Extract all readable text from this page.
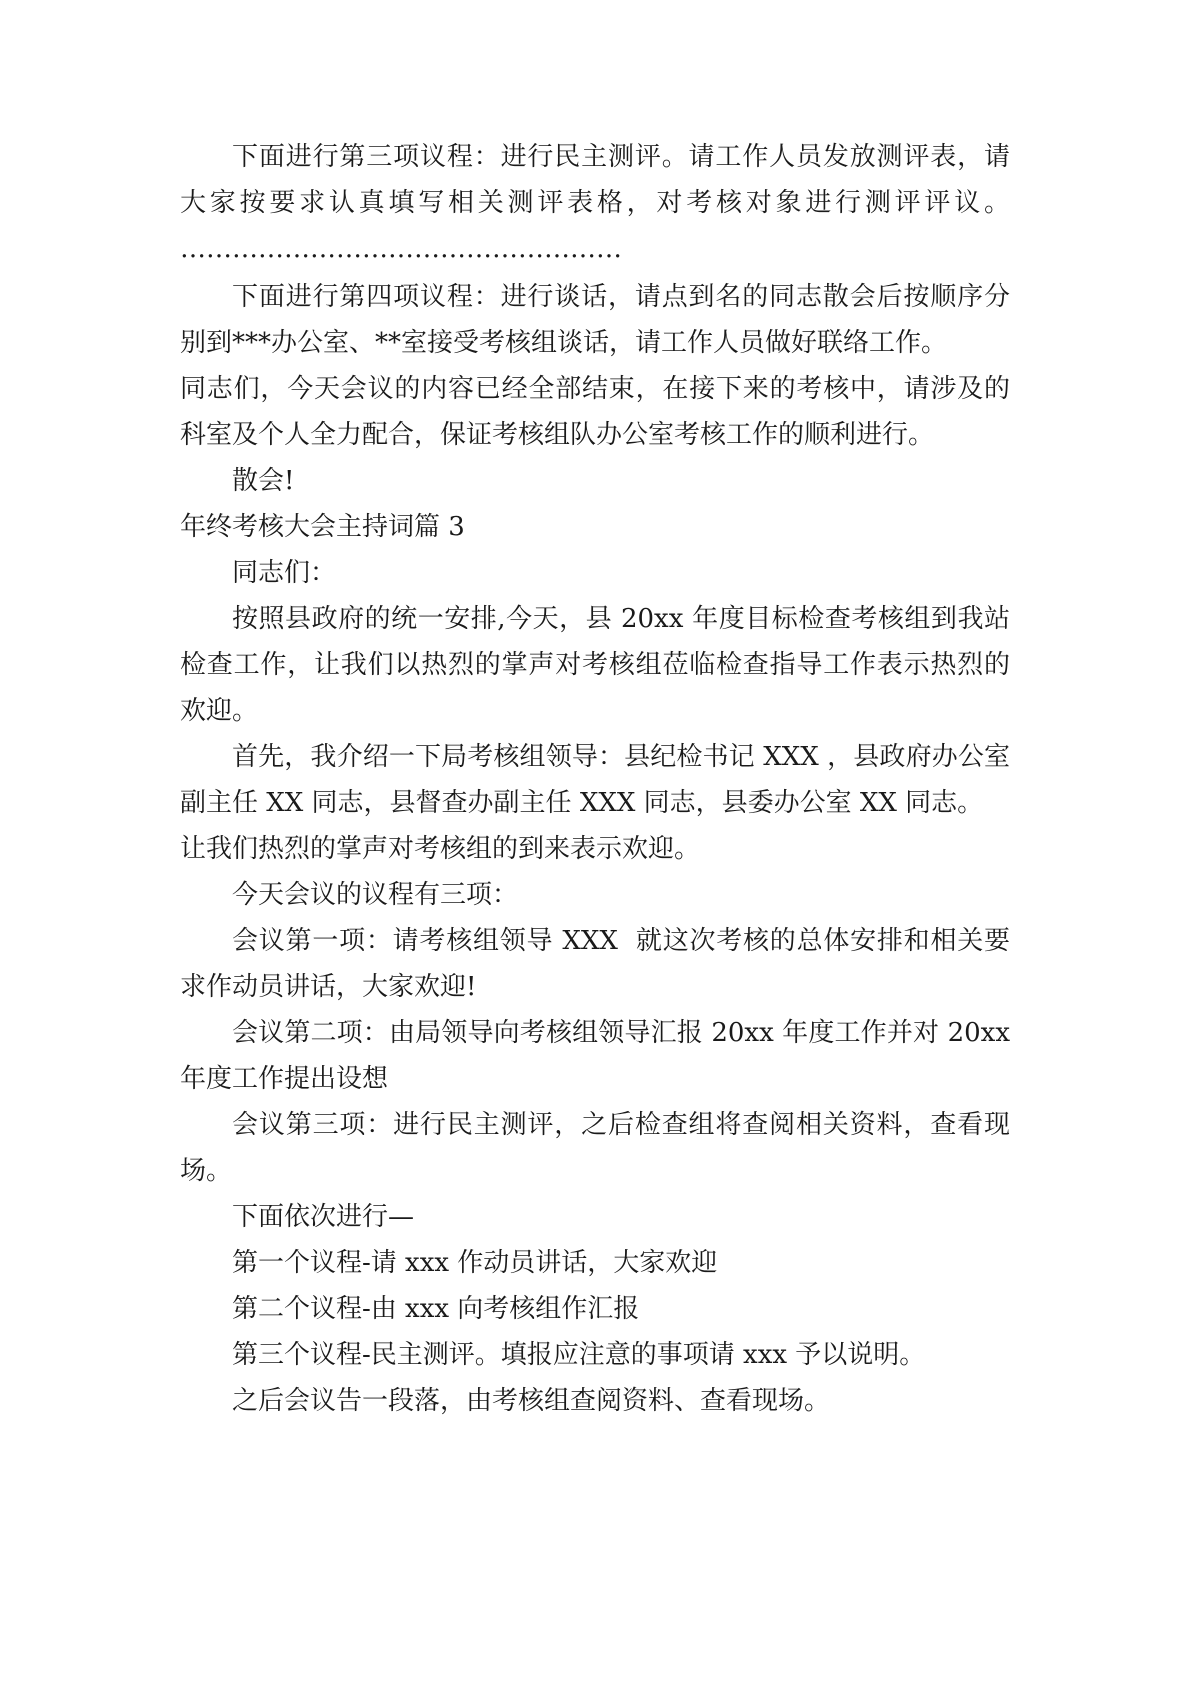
下面进行第三项议程：进行民主测评。请工作人员发放测评表，请大家按要求认真填写相关测评表格，对考核对象进行测评评议。 ……………………………………………

下面进行第四项议程：进行谈话，请点到名的同志散会后按顺序分别到***办公室、**室接受考核组谈话，请工作人员做好联络工作。

同志们，今天会议的内容已经全部结束，在接下来的考核中，请涉及的科室及个人全力配合，保证考核组队办公室考核工作的顺利进行。

散会!

年终考核大会主持词篇 3

同志们：

按照县政府的统一安排,今天，县 20xx 年度目标检查考核组到我站检查工作，让我们以热烈的掌声对考核组莅临检查指导工作表示热烈的欢迎。

首先，我介绍一下局考核组领导：县纪检书记 XXX ，县政府办公室副主任 XX 同志，县督查办副主任 XXX 同志，县委办公室 XX 同志。

让我们热烈的掌声对考核组的到来表示欢迎。

今天会议的议程有三项：

会议第一项：请考核组领导 XXX  就这次考核的总体安排和相关要求作动员讲话，大家欢迎!

会议第二项：由局领导向考核组领导汇报 20xx 年度工作并对 20xx 年度工作提出设想

会议第三项：进行民主测评，之后检查组将查阅相关资料，查看现场。

下面依次进行—

第一个议程-请 xxx 作动员讲话，大家欢迎

第二个议程-由 xxx 向考核组作汇报

第三个议程-民主测评。填报应注意的事项请 xxx 予以说明。

之后会议告一段落，由考核组查阅资料、查看现场。
